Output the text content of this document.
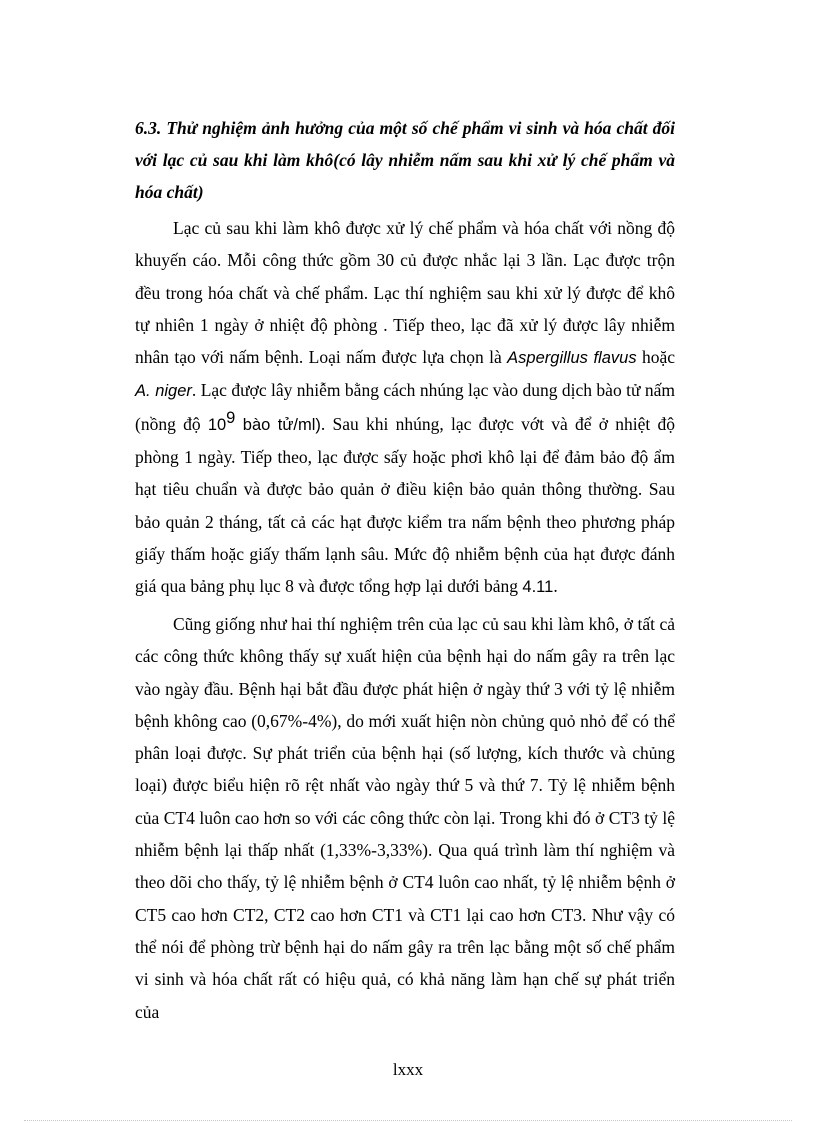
6.3. Thử nghiệm ảnh hưởng của một số chế phẩm vi sinh và hóa chất đối với lạc củ sau khi làm khô(có lây nhiễm nấm sau khi xử lý chế phẩm và hóa chất)

Lạc củ sau khi làm khô được xử lý chế phẩm và hóa chất với nồng độ khuyến cáo. Mỗi công thức gồm 30 củ được nhắc lại 3 lần. Lạc được trộn đều trong hóa chất và chế phẩm. Lạc thí nghiệm sau khi xử lý được để khô tự nhiên 1 ngày ở nhiệt độ phòng . Tiếp theo, lạc đã xử lý được lây nhiễm nhân tạo với nấm bệnh. Loại nấm được lựa chọn là Aspergillus flavus hoặc A. niger. Lạc được lây nhiễm bằng cách nhúng lạc vào dung dịch bào tử nấm (nồng độ $10^9$ bào tử/ml). Sau khi nhúng, lạc được vớt và để ở nhiệt độ phòng 1 ngày. Tiếp theo, lạc được sấy hoặc phơi khô lại để đảm bảo độ ẩm hạt tiêu chuẩn và được bảo quản ở điều kiện bảo quản thông thường. Sau bảo quản 2 tháng, tất cả các hạt được kiểm tra nấm bệnh theo phương pháp giấy thấm hoặc giấy thấm lạnh sâu. Mức độ nhiễm bệnh của hạt được đánh giá qua bảng phụ lục 8 và được tổng hợp lại dưới bảng 4.11.

Cũng giống như hai thí nghiệm trên của lạc củ sau khi làm khô, ở tất cả các công thức không thấy sự xuất hiện của bệnh hại do nấm gây ra trên lạc vào ngày đầu. Bệnh hại bắt đầu được phát hiện ở ngày thứ 3 với tỷ lệ nhiễm bệnh không cao (0,67%-4%), do mới xuất hiện nòn chủng quỏ nhỏ để có thể phân loại được. Sự phát triển của bệnh hại (số lượng, kích thước và chủng loại) được biểu hiện rõ rệt nhất vào ngày thứ 5 và thứ 7. Tỷ lệ nhiễm bệnh của CT4 luôn cao hơn so với các công thức còn lại. Trong khi đó ở CT3 tỷ lệ nhiễm bệnh lại thấp nhất (1,33%-3,33%). Qua quá trình làm thí nghiệm và theo dõi cho thấy, tỷ lệ nhiễm bệnh ở CT4 luôn cao nhất, tỷ lệ nhiễm bệnh ở CT5 cao hơn CT2, CT2 cao hơn CT1 và CT1 lại cao hơn CT3. Như vậy có thể nói để phòng trừ bệnh hại do nấm gây ra trên lạc bằng một số chế phẩm vi sinh và hóa chất rất có hiệu quả, có khả năng làm hạn chế sự phát triển của

lxxx
